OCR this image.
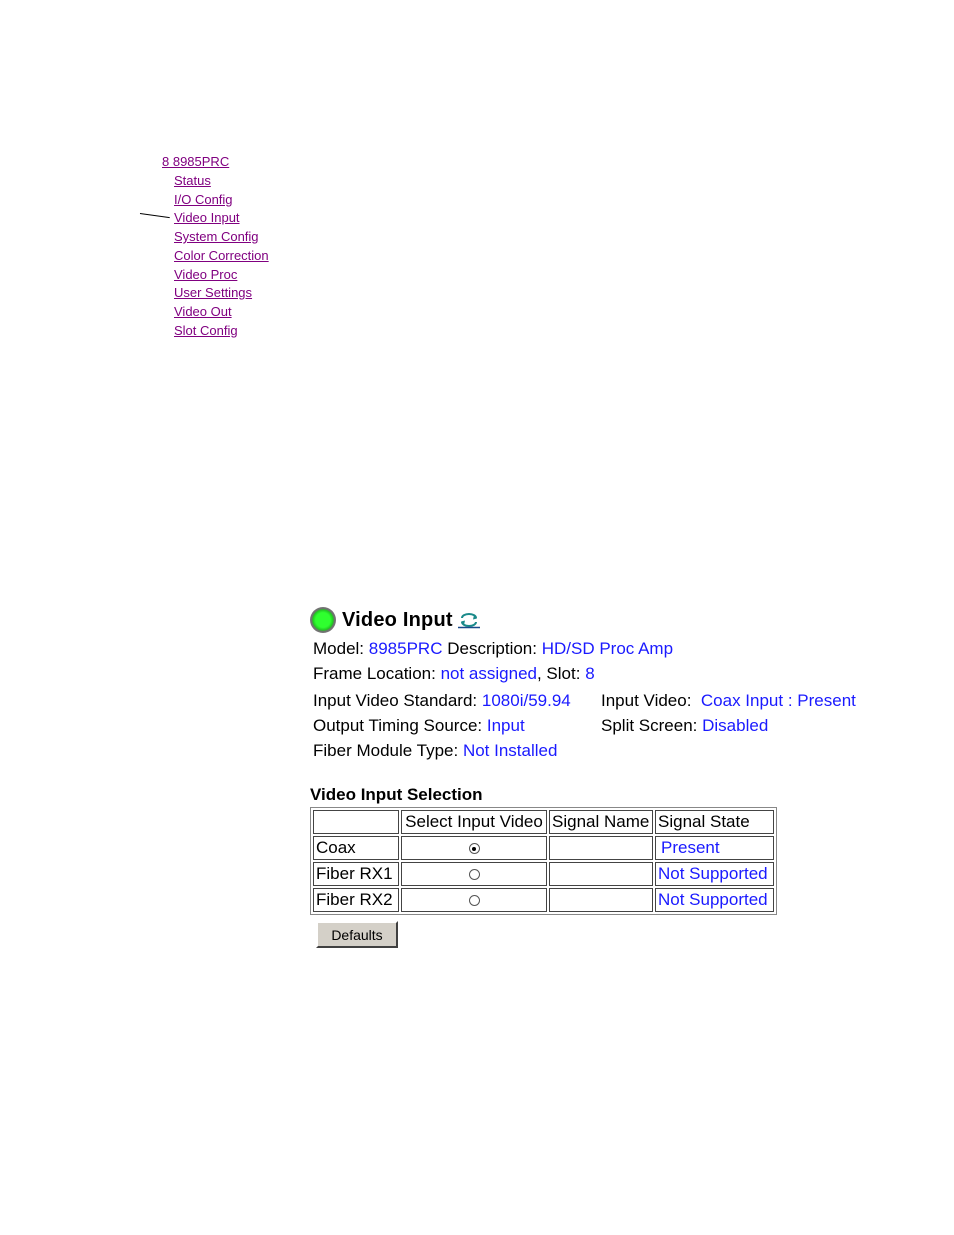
8 8985PRC
Status
I/O Config
Video Input
System Config
Color Correction
Video Proc
User Settings
Video Out
Slot Config
Video Input
Model: 8985PRC Description: HD/SD Proc Amp
Frame Location: not assigned, Slot: 8
Input Video Standard: 1080i/59.94	Input Video: Coax Input : Present
Output Timing Source: Input	Split Screen: Disabled
Fiber Module Type: Not Installed
Video Input Selection
	Select Input Video	Signal Name	Signal State
Coax			Present
Fiber RX1			Not Supported
Fiber RX2			Not Supported
Defaults
